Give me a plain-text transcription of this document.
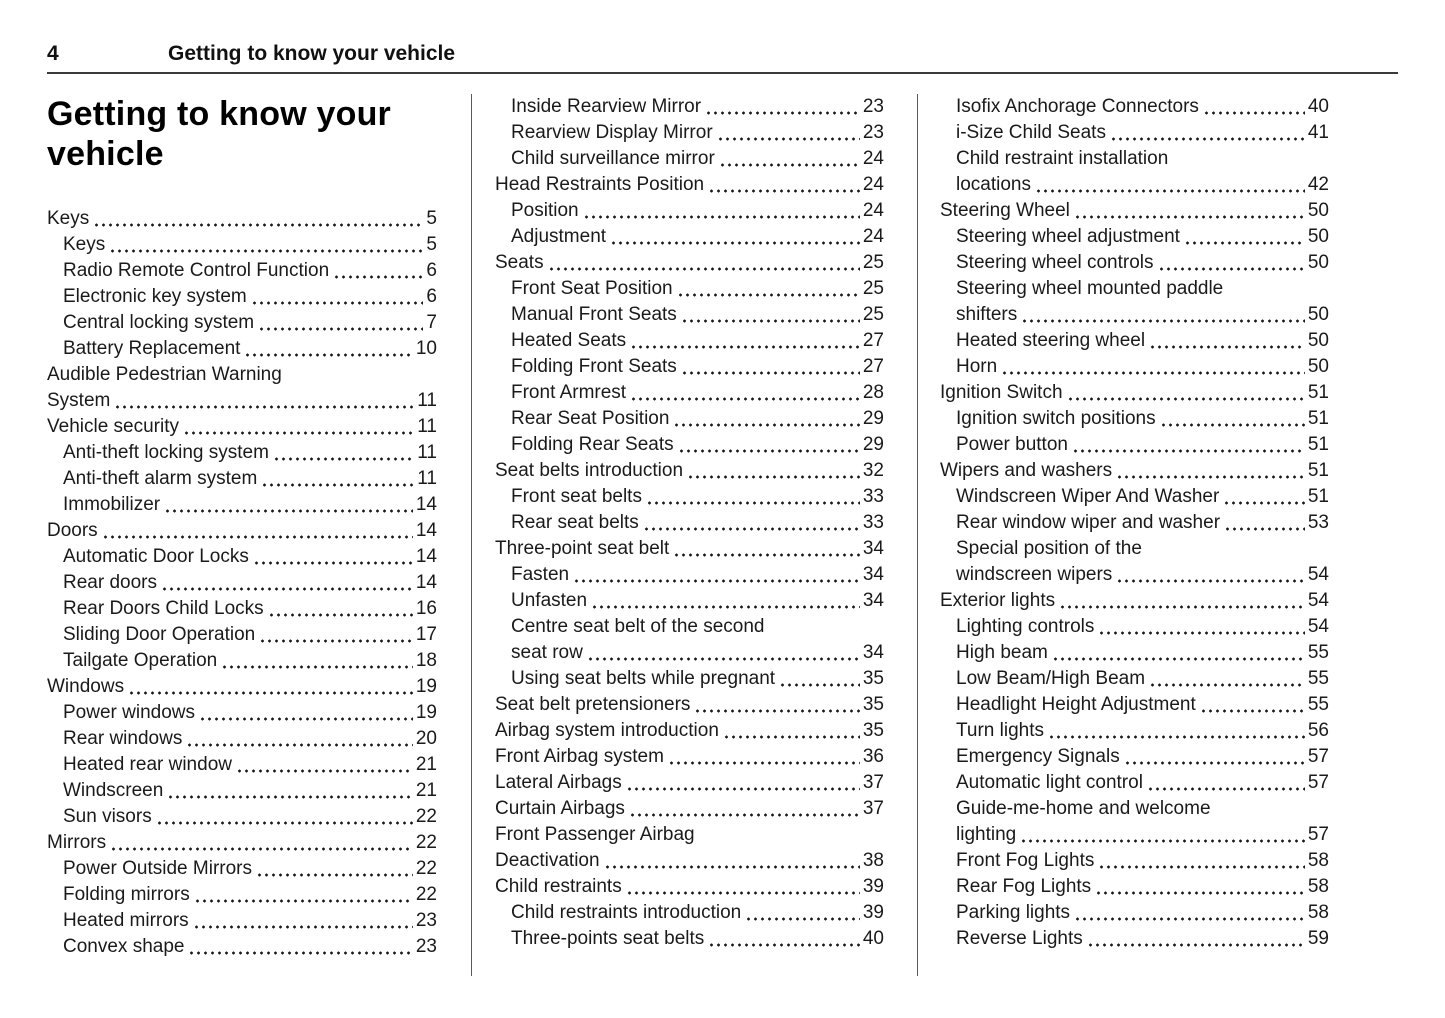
4	Getting to know your vehicle
Getting to know your vehicle
Keys	5
Keys	5
Radio Remote Control Function	6
Electronic key system	6
Central locking system	7
Battery Replacement	10
Audible Pedestrian Warning
System	11
Vehicle security	11
Anti-theft locking system	11
Anti-theft alarm system	11
Immobilizer	14
Doors	14
Automatic Door Locks	14
Rear doors	14
Rear Doors Child Locks	16
Sliding Door Operation	17
Tailgate Operation	18
Windows	19
Power windows	19
Rear windows	20
Heated rear window	21
Windscreen	21
Sun visors	22
Mirrors	22
Power Outside Mirrors	22
Folding mirrors	22
Heated mirrors	23
Convex shape	23
Inside Rearview Mirror	23
Rearview Display Mirror	23
Child surveillance mirror	24
Head Restraints Position	24
Position	24
Adjustment	24
Seats	25
Front Seat Position	25
Manual Front Seats	25
Heated Seats	27
Folding Front Seats	27
Front Armrest	28
Rear Seat Position	29
Folding Rear Seats	29
Seat belts introduction	32
Front seat belts	33
Rear seat belts	33
Three-point seat belt	34
Fasten	34
Unfasten	34
Centre seat belt of the second
seat row	34
Using seat belts while pregnant	35
Seat belt pretensioners	35
Airbag system introduction	35
Front Airbag system	36
Lateral Airbags	37
Curtain Airbags	37
Front Passenger Airbag
Deactivation	38
Child restraints	39
Child restraints introduction	39
Three-points seat belts	40
Isofix Anchorage Connectors	40
i-Size Child Seats	41
Child restraint installation
locations	42
Steering Wheel	50
Steering wheel adjustment	50
Steering wheel controls	50
Steering wheel mounted paddle
shifters	50
Heated steering wheel	50
Horn	50
Ignition Switch	51
Ignition switch positions	51
Power button	51
Wipers and washers	51
Windscreen Wiper And Washer	51
Rear window wiper and washer	53
Special position of the
windscreen wipers	54
Exterior lights	54
Lighting controls	54
High beam	55
Low Beam/High Beam	55
Headlight Height Adjustment	55
Turn lights	56
Emergency Signals	57
Automatic light control	57
Guide-me-home and welcome
lighting	57
Front Fog Lights	58
Rear Fog Lights	58
Parking lights	58
Reverse Lights	59
